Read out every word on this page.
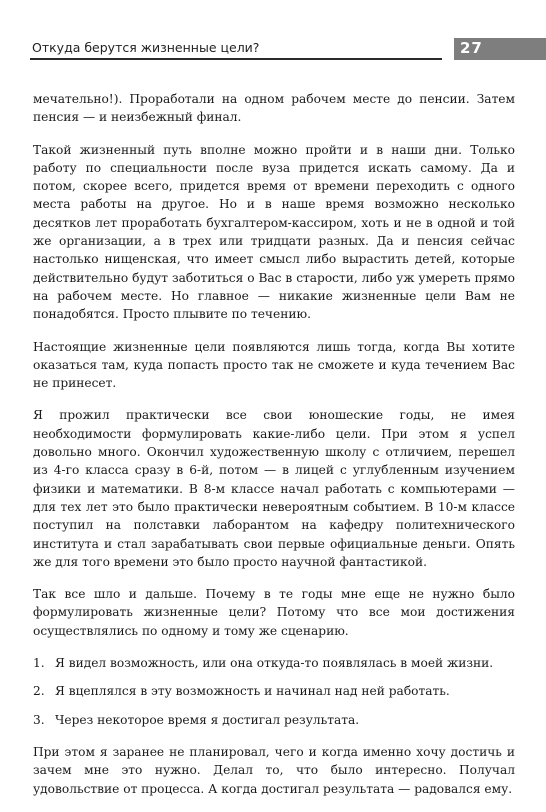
Откуда берутся жизненные цели?	27

мечательно!). Проработали на одном рабочем месте до пенсии. Затем пенсия — и неизбежный финал.

Такой жизненный путь вполне можно пройти и в наши дни. Только работу по специальности после вуза придется искать самому. Да и потом, скорее всего, придется время от времени переходить с одного места работы на другое. Но и в наше время возможно несколько десятков лет проработать бухгалтером-кассиром, хоть и не в одной и той же организации, а в трех или тридцати разных. Да и пенсия сейчас настолько нищенская, что имеет смысл либо вырастить детей, которые действительно будут заботиться о Вас в старости, либо уж умереть прямо на рабочем месте. Но главное — никакие жизненные цели Вам не понадобятся. Просто плывите по течению.

Настоящие жизненные цели появляются лишь тогда, когда Вы хотите оказаться там, куда попасть просто так не сможете и куда течением Вас не принесет.

Я прожил практически все свои юношеские годы, не имея необходимости формулировать какие-либо цели. При этом я успел довольно много. Окончил художественную школу с отличием, перешел из 4-го класса сразу в 6-й, потом — в лицей с углубленным изучением физики и математики. В 8-м классе начал работать с компьютерами — для тех лет это было практически невероятным событием. В 10-м классе поступил на полставки лаборантом на кафедру политехнического института и стал зарабатывать свои первые официальные деньги. Опять же для того времени это было просто научной фантастикой.

Так все шло и дальше. Почему в те годы мне еще не нужно было формулировать жизненные цели? Потому что все мои достижения осуществлялись по одному и тому же сценарию.

1. Я видел возможность, или она откуда-то появлялась в моей жизни.
2. Я вцеплялся в эту возможность и начинал над ней работать.
3. Через некоторое время я достигал результата.

При этом я заранее не планировал, чего и когда именно хочу достичь и зачем мне это нужно. Делал то, что было интересно. Получал удовольствие от процесса. А когда достигал результата — радовался ему.
